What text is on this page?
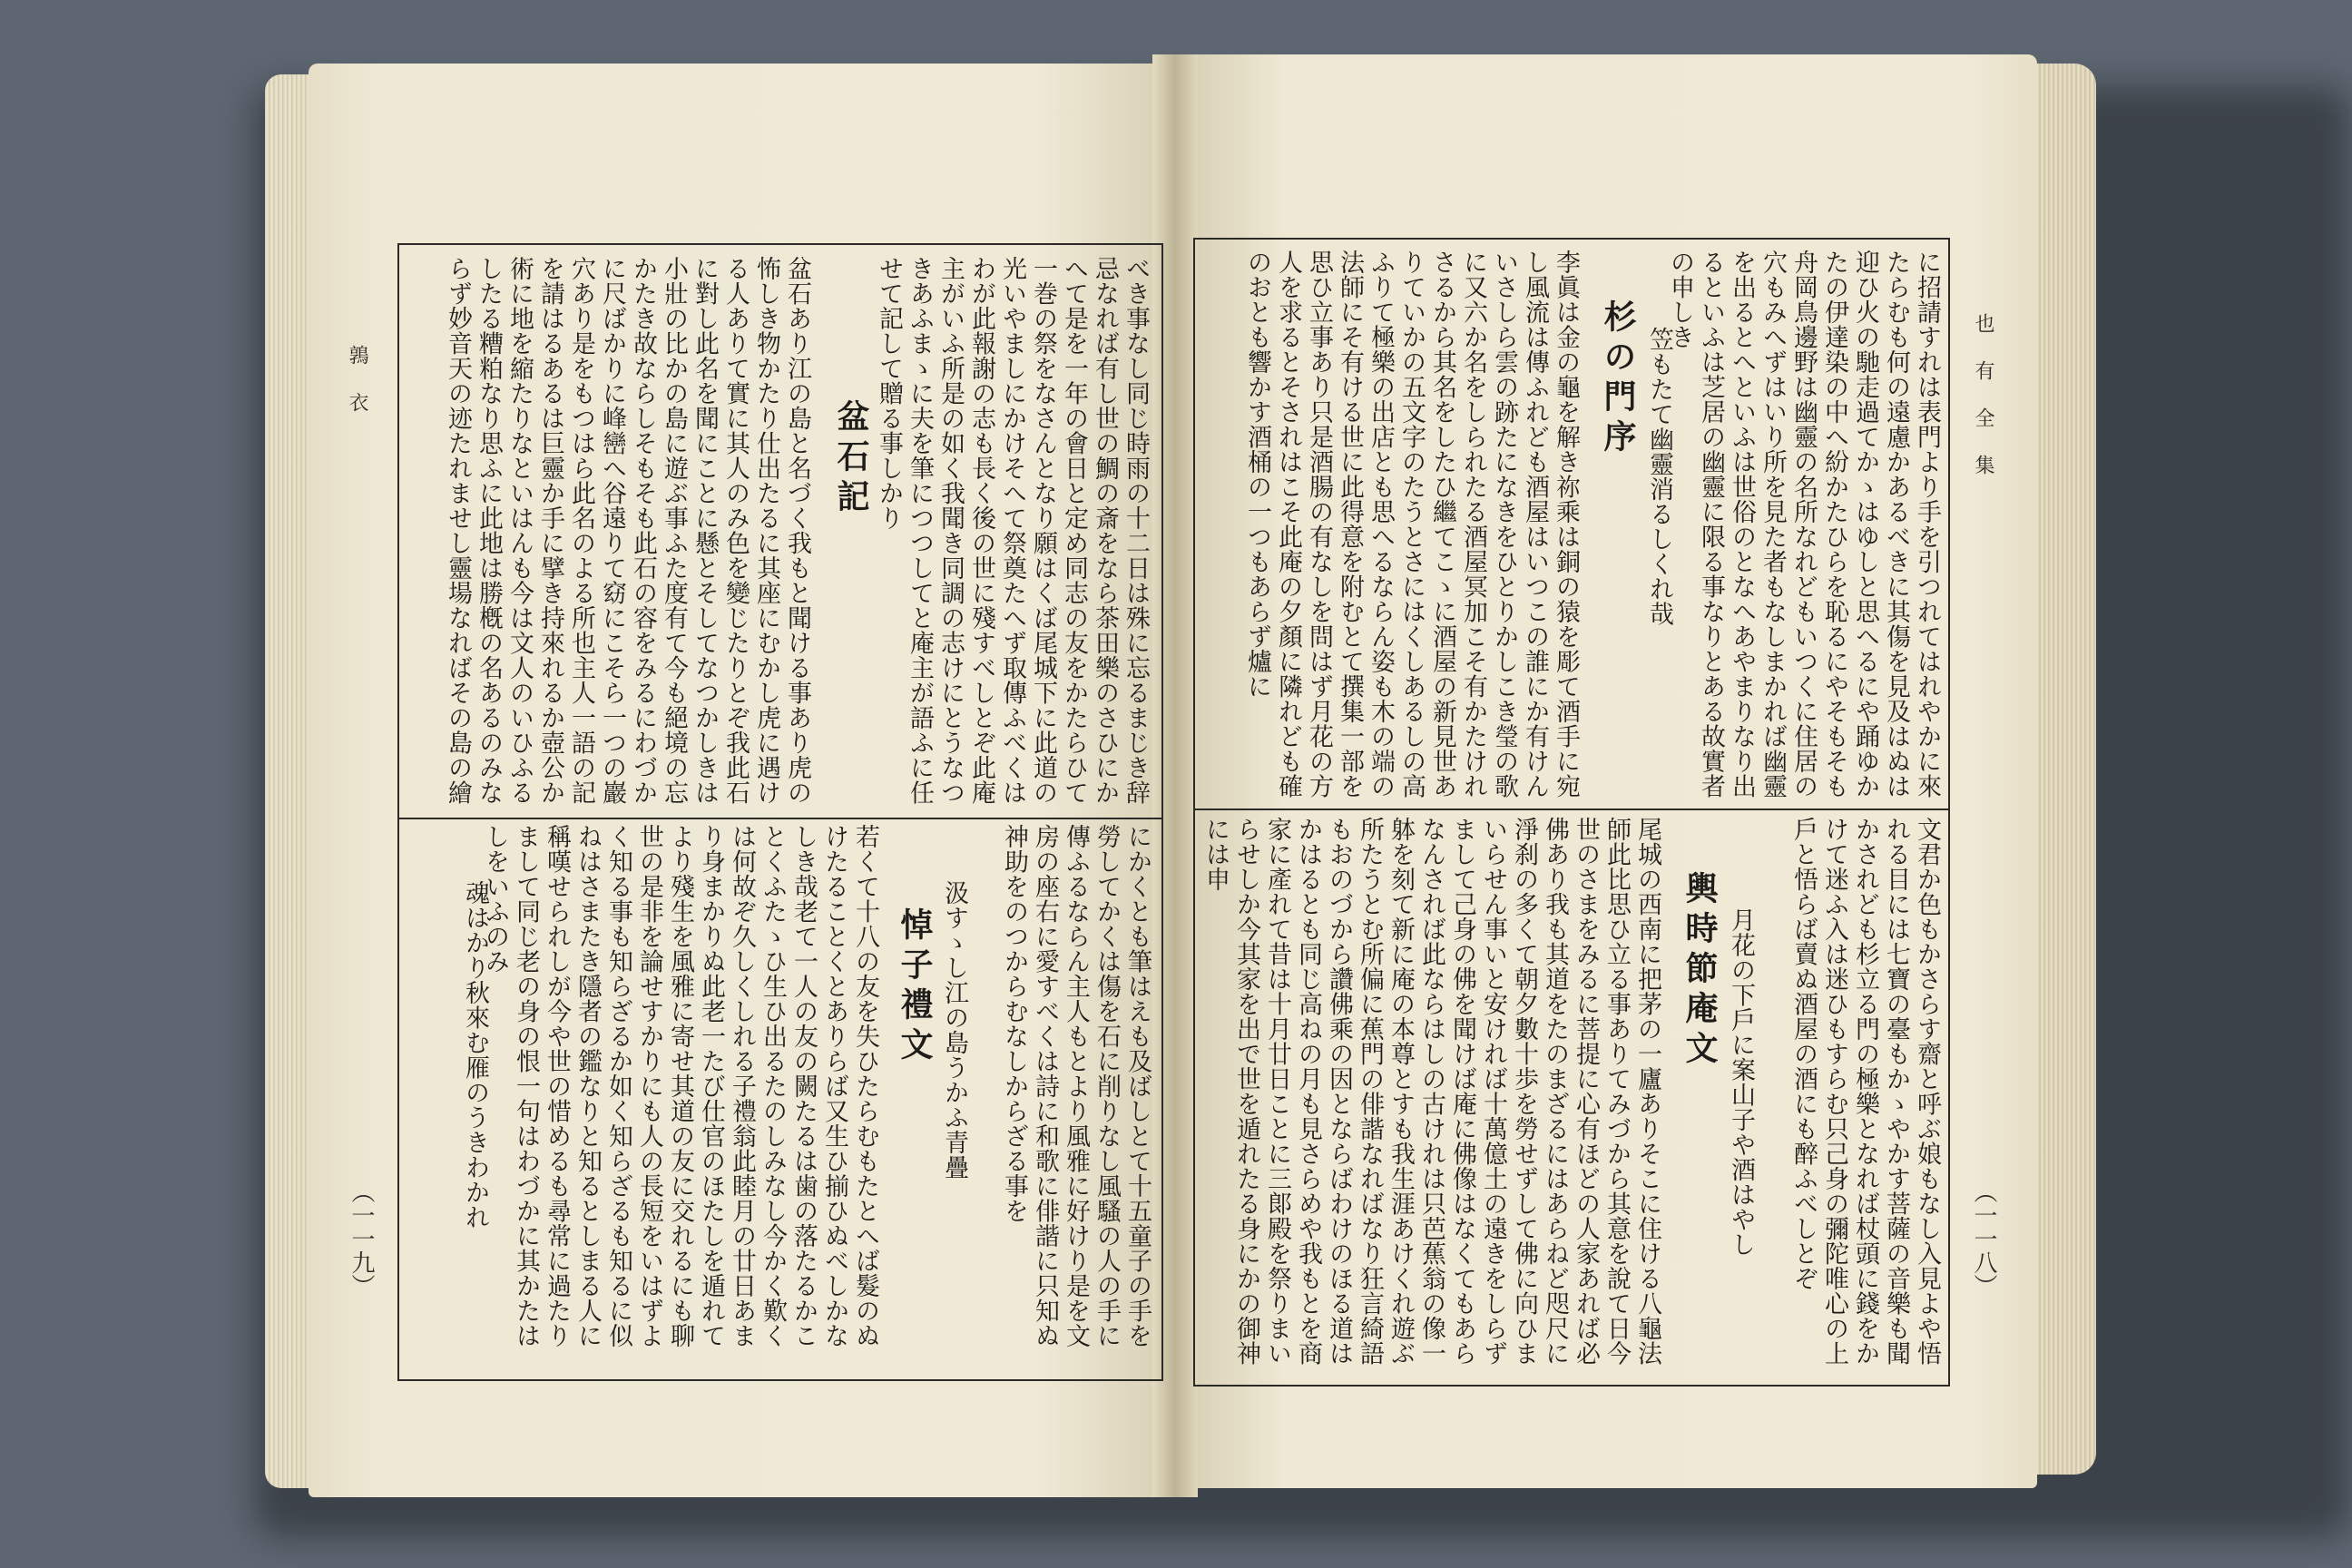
鶉衣
（一一九）
べき事なし同じ時雨の十二日は殊に忘るまじき辞忌なれば有し世の鯛の斎をなら茶田樂のさひにかへて是を一年の會日と定め同志の友をかたらひて一巻の祭をなさんとなり願はくば尾城下に此道の光いやましにかけそへて祭奠たへず取傳ふべくはわが此報謝の志も長く後の世に殘すべしとぞ此庵主がいふ所是の如く我聞き同調の志けにとうなつきあふまゝに夫を筆につつしてと庵主が語ふに任せて記して贈る事しかり
盆石記
盆石あり江の島と名づく我もと聞ける事あり虎の怖しき物かたり仕出たるに其座にむかし虎に遇ける人ありて實に其人のみ色を變じたりとぞ我此石に對し此名を聞にことに懸とそしてなつかしきは小壯の比かの島に遊ぶ事ふた度有て今も絕境の忘かたき故ならしそもそも此石の容をみるにわづかに尺ばかりに峰巒へ谷遠りて窈にこそら一つの巖穴あり是をもつはら此名のよる所也主人一語の記を請はるあるは巨靈か手に擘き持來れるか壺公か術に地を縮たりなといはんも今は文人のいひふるしたる糟粕なり思ふに此地は勝槪の名あるのみならず妙音天の迹たれませし靈場なればその島の繪
にかくとも筆はえも及ばしとて十五童子の手を勞してかくは傷を石に削りなし風騷の人の手に傳ふるならん主人もとより風雅に好けり是を文房の座右に愛すべくは詩に和歌に俳諧に只知ぬ神助をのつからむなしからざる事を
汲すゝし江の島うかふ青疊
悼子禮文
若くて十八の友を失ひたらむもたとへば髮のぬけたることくとありらば又生ひ揃ひぬべしかなしき哉老て一人の友の闕たるは歯の落たるかことくふたゝひ生ひ出るたのしみなし今かく歎くは何故ぞ久しくしれる子禮翁此睦月の廿日あまり身まかりぬ此老一たび仕官のほたしを遁れてより殘生を風雅に寄せ其道の友に交れるにも聊世の是非を論せすかりにも人の長短をいはずよく知る事も知らざるか如く知らざるも知るに似ねはさまたき隱者の鑑なりと知るとしまる人に稱嘆せられしが今や世の惜めるも尋常に過たりまして同じ老の身の恨一句はわづかに其かたはしをいふのみ
魂はかり秋來む雁のうきわかれ
也有全集
（一一八）
に招請すれは表門より手を引つれてはれやかに來たらむも何の遠慮かあるべきに其傷を見及はぬは迎ひ火の馳走過てかゝはゆしと思へるにや踊ゆかたの伊達染の中へ紛かたひらを恥るにやそもそも舟岡鳥邊野は幽靈の名所なれどもいつくに住居の穴もみへずはいり所を見た者もなしまかれば幽靈を出るとへといふは世俗のとなへあやまりなり出るといふは芝居の幽靈に限る事なりとある故實者の申しき
笠もたて幽靈消るしくれ哉
杉の門序
李眞は金の龜を解き祢乘は銅の猿を彫て酒手に宛し風流は傳ふれども酒屋はいつこの誰にか有けんいさしら雲の跡たになきをひとりかしこき瑩の歌に又六か名をしられたる酒屋冥加こそ有かたけれさるから其名をしたひ繼てこゝに酒屋の新見世ありていかの五文字のたうとさにはくしあるしの高ふりて極樂の出店とも思へるならん姿も木の端の法師にそ有ける世に此得意を附むとて撰集一部を思ひ立事あり只是酒腸の有なしを問はず月花の方人を求るとそされはこそ此庵の夕顏に隣れども確のおとも響かす酒桶の一つもあらず爐に
文君か色もかさらす齋と呼ぶ娘もなし入見よや悟れる目には七寶の臺もかゝやかす菩薩の音樂も聞かされども杉立る門の極樂となれば杖頭に錢をかけて迷ふ入は迷ひもすらむ只己身の彌陀唯心の上戶と悟らば賣ぬ酒屋の酒にも醉ふべしとぞ
月花の下戶に案山子や酒はやし
輿時節庵文
尾城の西南に把茅の一廬ありそこに住ける八龜法師此比思ひ立る事ありてみづから其意を說て日今世のさまをみるに菩提に心有ほどの人家あれば必佛あり我も其道をたのまざるにはあらねど咫尺に淨刹の多くて朝夕數十歩を勞せずして佛に向ひまいらせん事いと安ければ十萬億土の遠きをしらずまして己身の佛を聞けば庵に佛像はなくてもあらなんされば此ならはしの古けれは只芭蕉翁の像一躰を刻て新に庵の本尊とすも我生涯あけくれ遊ぶ所たうとむ所偏に蕉門の俳諧なればなり狂言綺語もおのづから讚佛乘の因とならばわけのほる道はかはるとも同じ高ねの月も見さらめや我もとを商家に產れて昔は十月廿日ことに三郞殿を祭りまいらせしか今其家を出で世を遁れたる身にかの御神には申
